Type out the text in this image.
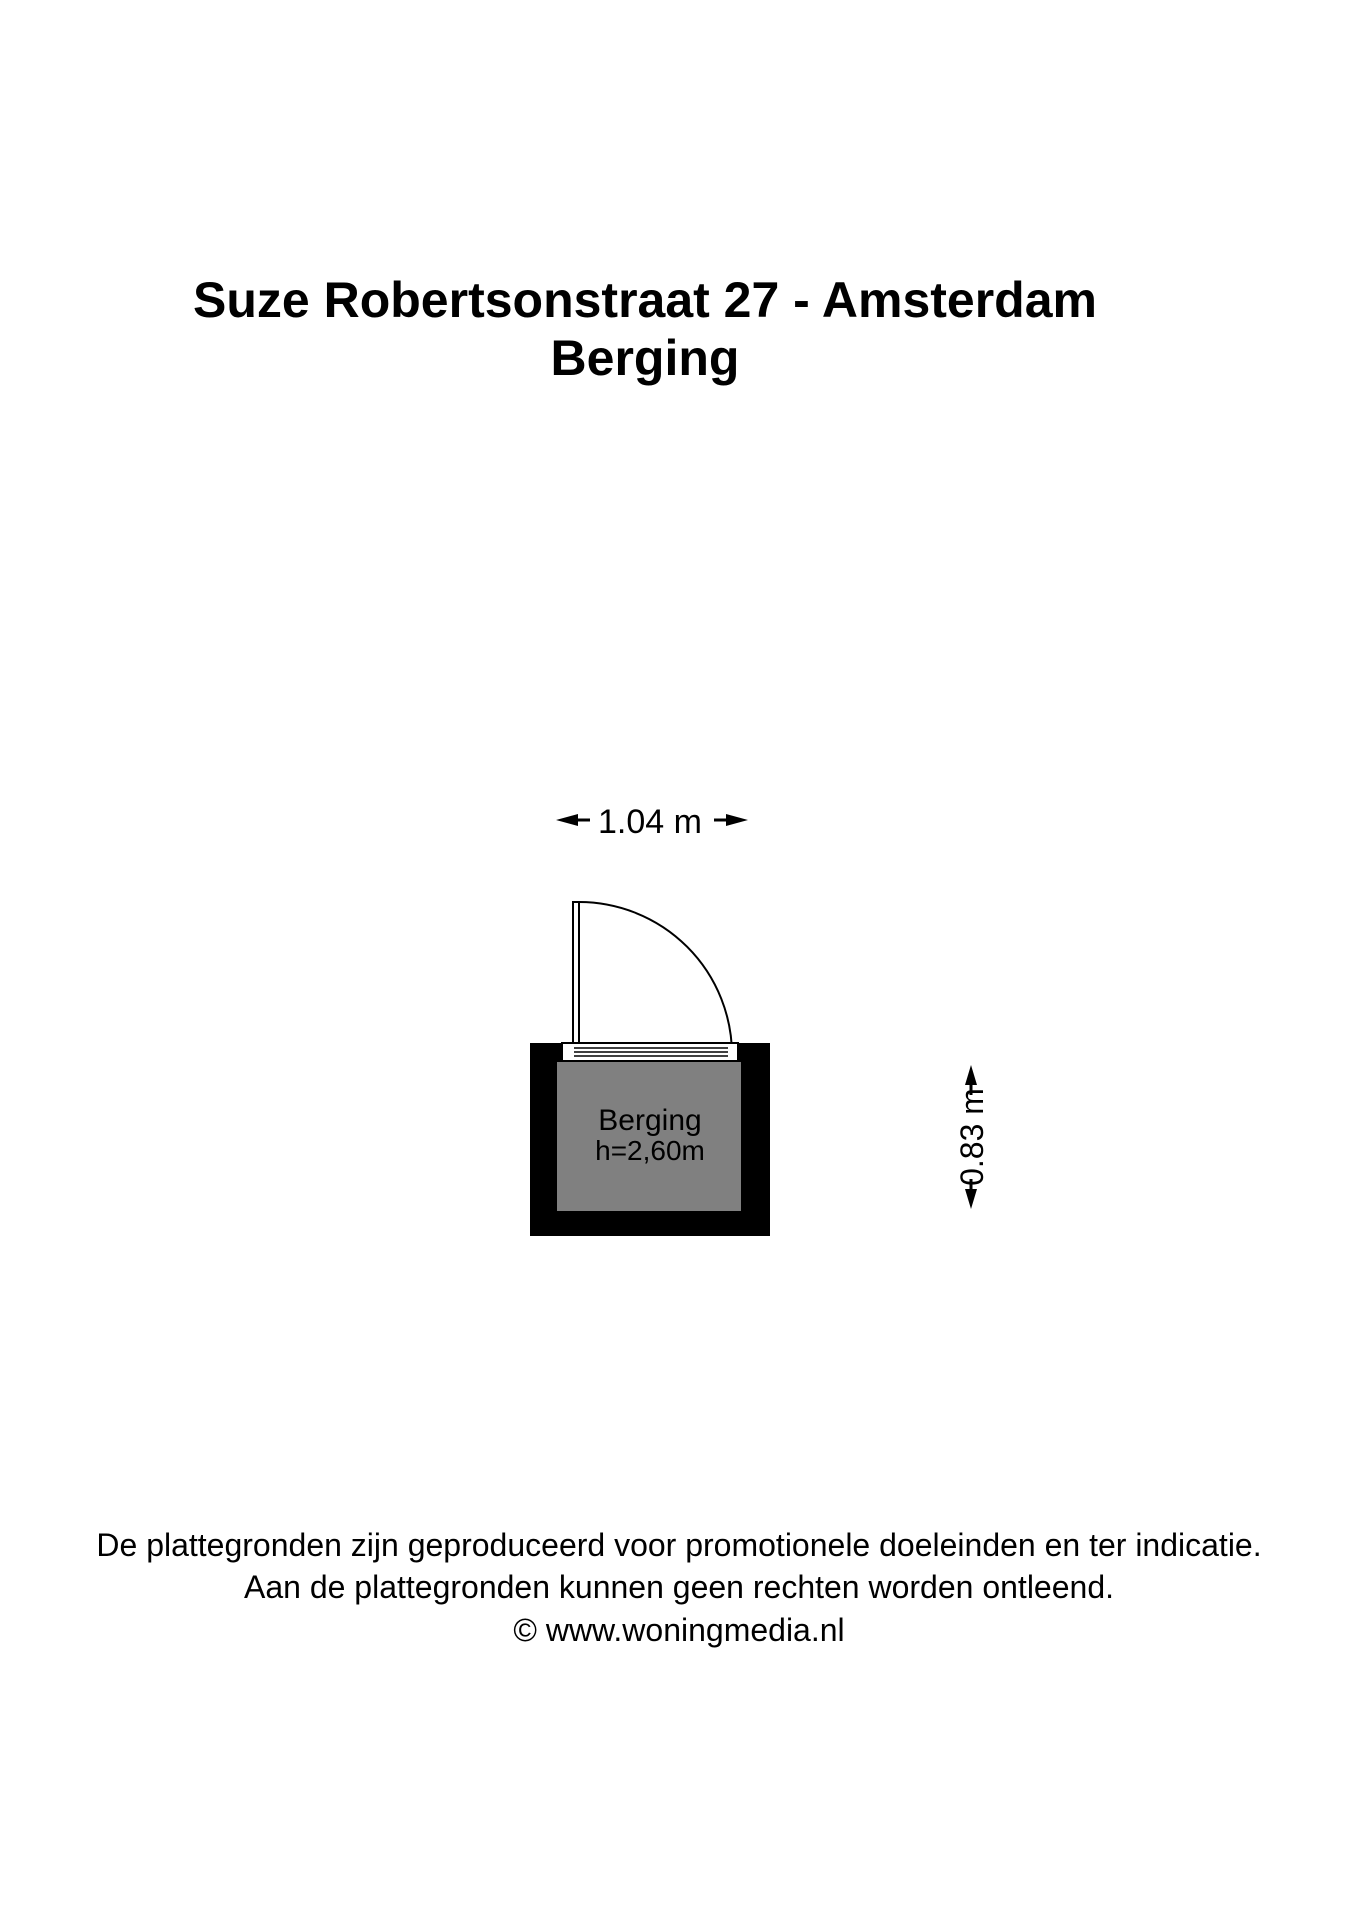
Suze Robertsonstraat 27 - Amsterdam
Berging
1.04 m
Berging
h=2,60m	0.83 m

De plattegronden zijn geproduceerd voor promotionele doeleinden en ter indicatie.

Aan de plattegronden kunnen geen rechten worden ontleend.

© www.woningmedia.nl
